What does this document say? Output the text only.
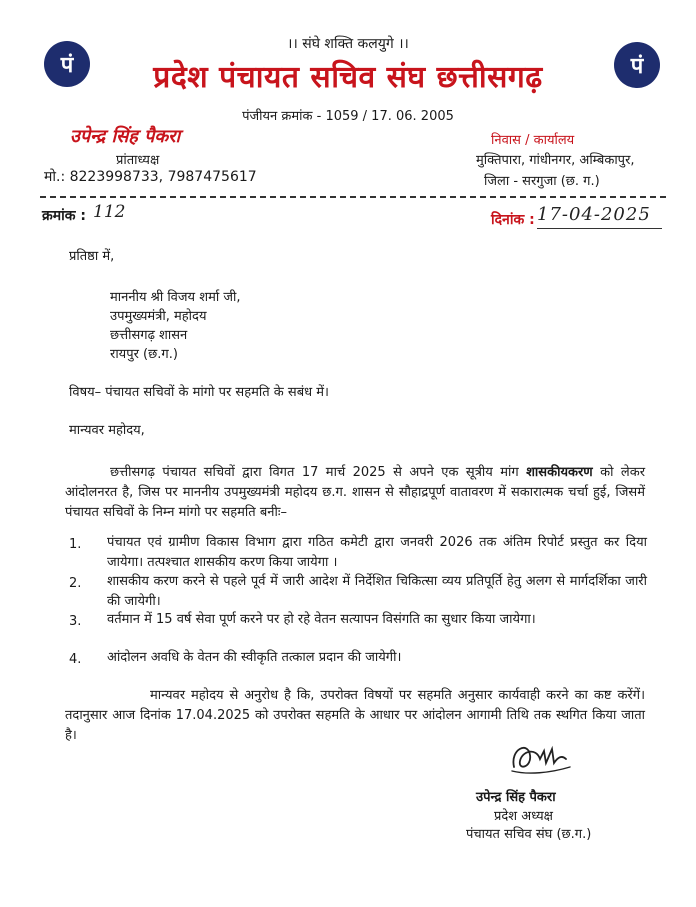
पं	पं
।। संघे शक्ति कलयुगे ।।
प्रदेश पंचायत सचिव संघ छत्तीसगढ़
पंजीयन क्रमांक - 1059 / 17. 06. 2005
उपेन्द्र सिंह पैकरा
प्रांताध्यक्ष
मो.: 8223998733, 7987475617
निवास / कार्यालय
मुक्तिपारा, गांधीनगर, अम्बिकापुर,
जिला - सरगुजा (छ. ग.)
क्रमांक : 112	दिनांक : 17-04-2025
प्रतिष्ठा में,
माननीय श्री विजय शर्मा जी,
उपमुख्यमंत्री, महोदय
छत्तीसगढ़ शासन
रायपुर (छ.ग.)
विषय– पंचायत सचिवों के मांगो पर सहमति के सबंध में।
मान्यवर महोदय,
छत्तीसगढ़ पंचायत सचिवों द्वारा विगत 17 मार्च 2025 से अपने एक सूत्रीय मांग शासकीयकरण को लेकर आंदोलनरत है, जिस पर माननीय उपमुख्यमंत्री महोदय छ.ग. शासन से सौहाद्रपूर्ण वातावरण में सकारात्मक चर्चा हुई, जिसमें पंचायत सचिवों के निम्न मांगो पर सहमति बनीः–
1. पंचायत एवं ग्रामीण विकास विभाग द्वारा गठित कमेटी द्वारा जनवरी 2026 तक अंतिम रिपोर्ट प्रस्तुत कर दिया जायेगा। तत्पश्चात शासकीय करण किया जायेगा ।
2. शासकीय करण करने से पहले पूर्व में जारी आदेश में निर्देशित चिकित्सा व्यय प्रतिपूर्ति हेतु अलग से मार्गदर्शिका जारी की जायेगी।
3. वर्तमान में 15 वर्ष सेवा पूर्ण करने पर हो रहे वेतन सत्यापन विसंगति का सुधार किया जायेगा।
4. आंदोलन अवधि के वेतन की स्वीकृति तत्काल प्रदान की जायेगी।
मान्यवर महोदय से अनुरोध है कि, उपरोक्त विषयों पर सहमति अनुसार कार्यवाही करने का कष्ट करेंगें। तदानुसार आज दिनांक 17.04.2025 को उपरोक्त सहमति के आधार पर आंदोलन आगामी तिथि तक स्थगित किया जाता है।
उपेन्द्र सिंह पैकरा
प्रदेश अध्यक्ष
पंचायत सचिव संघ (छ.ग.)
